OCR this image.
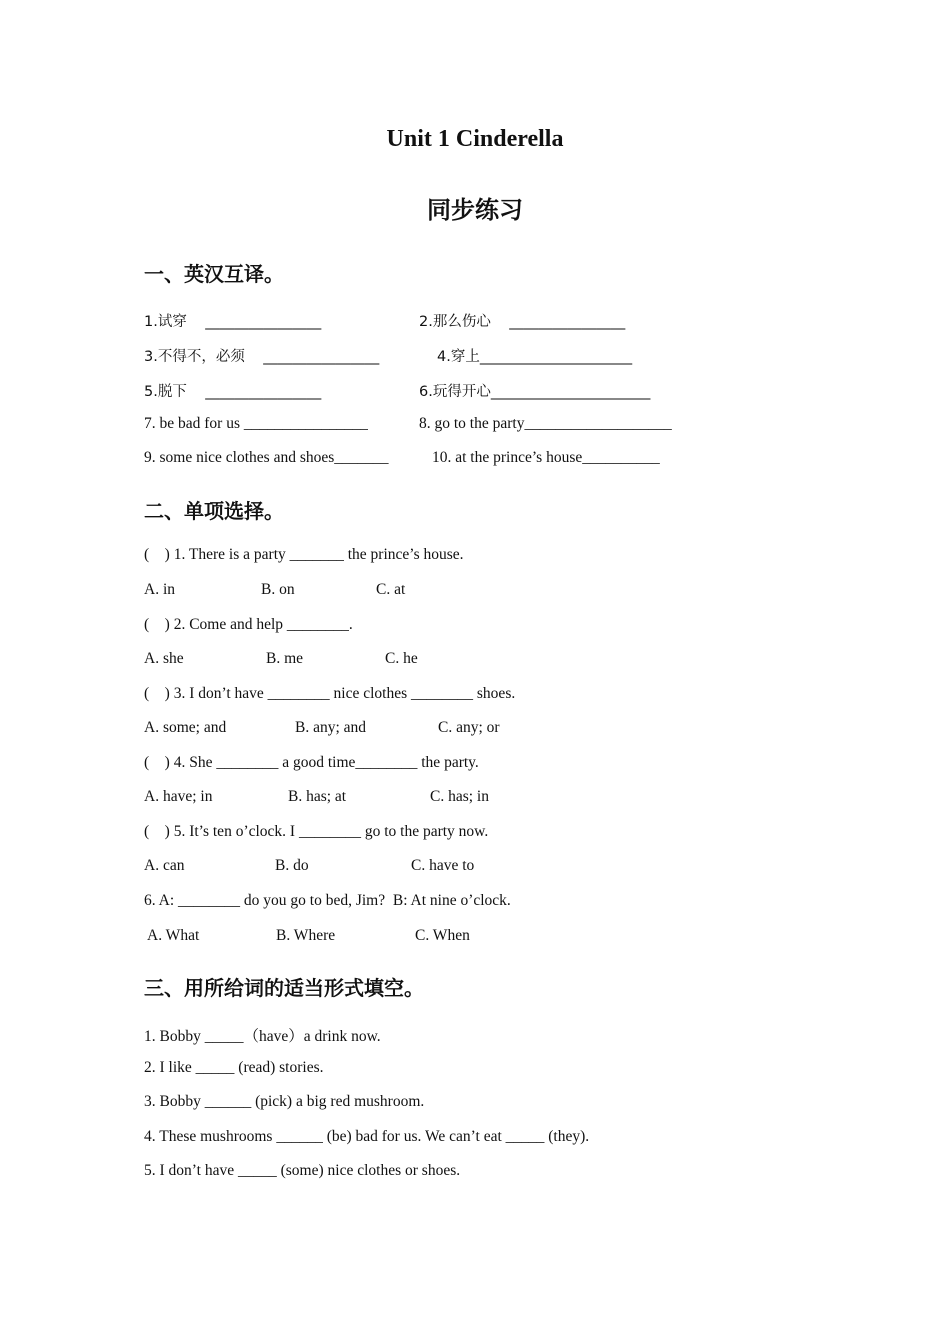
Unit 1 Cinderella
同步练习
一、英汉互译。
1.试穿    ________________	2.那么伤心    ________________
3.不得不，必须    ________________	4.穿上_____________________
5.脱下    ________________	6.玩得开心______________________
7. be bad for us ________________	8. go to the party___________________
9. some nice clothes and shoes_______	10. at the prince’s house__________
二、单项选择。
(    ) 1. There is a party _______ the prince’s house.
A. in	B. on	C. at
(    ) 2. Come and help ________.
A. she	B. me	C. he
(    ) 3. I don’t have ________ nice clothes ________ shoes.
A. some; and	B. any; and	C. any; or
(    ) 4. She ________ a good time________ the party.
A. have; in	B. has; at	C. has; in
(    ) 5. It’s ten o’clock. I ________ go to the party now.
A. can	B. do	C. have to
6. A: ________ do you go to bed, Jim?  B: At nine o’clock.
A. What	B. Where	C. When
三、用所给词的适当形式填空。
1. Bobby _____（have）a drink now.
2. I like _____ (read) stories.
3. Bobby ______ (pick) a big red mushroom.
4. These mushrooms ______ (be) bad for us. We can’t eat _____ (they).
5. I don’t have _____ (some) nice clothes or shoes.
